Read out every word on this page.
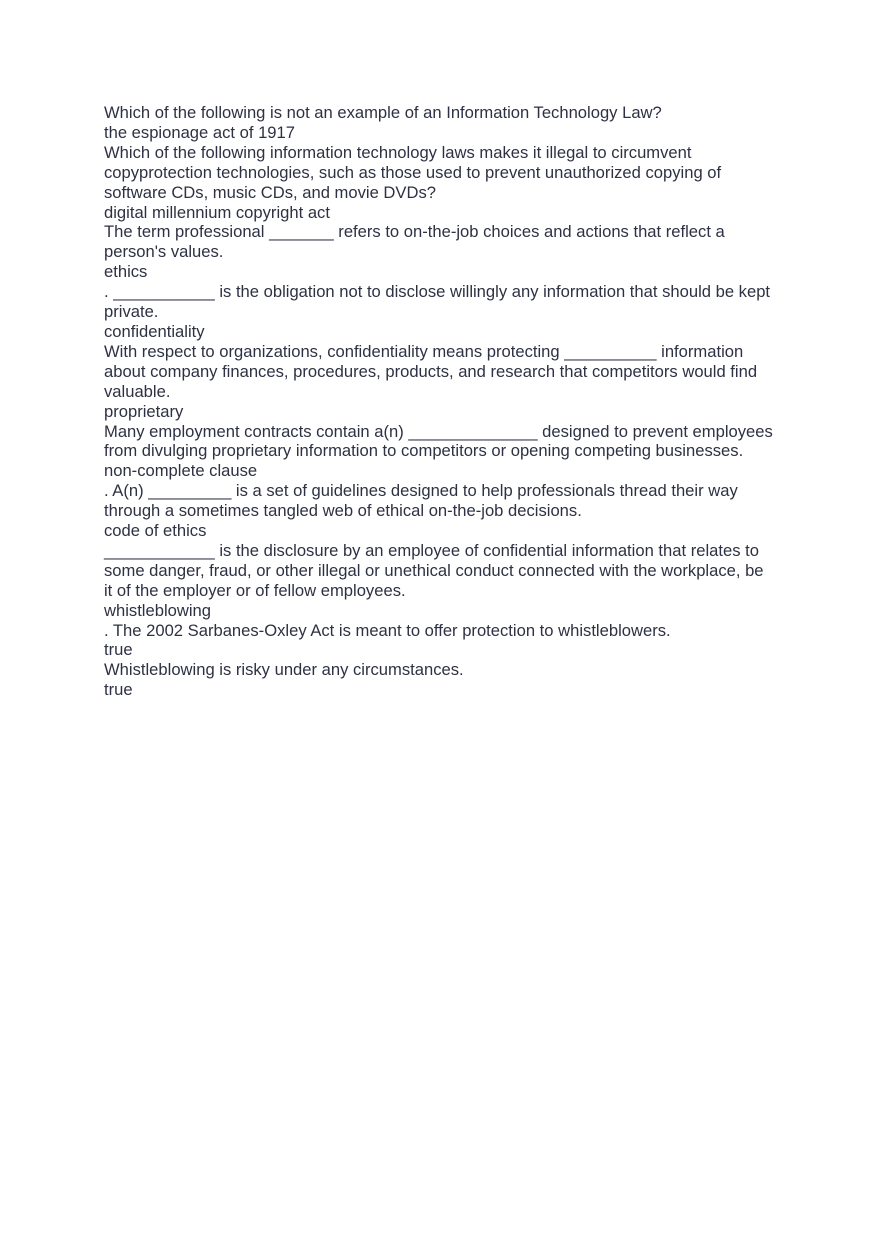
Which of the following is not an example of an Information Technology Law?

the espionage act of 1917

Which of the following information technology laws makes it illegal to circumvent copyprotection technologies, such as those used to prevent unauthorized copying of software CDs, music CDs, and movie DVDs?

digital millennium copyright act

The term professional _______ refers to on-the-job choices and actions that reflect a person's values.

ethics

. ___________ is the obligation not to disclose willingly any information that should be kept private.

confidentiality

With respect to organizations, confidentiality means protecting __________ information about company finances, procedures, products, and research that competitors would find valuable.

proprietary

Many employment contracts contain a(n) ______________ designed to prevent employees from divulging proprietary information to competitors or opening competing businesses.

non-complete clause

. A(n) _________ is a set of guidelines designed to help professionals thread their way through a sometimes tangled web of ethical on-the-job decisions.

code of ethics

____________ is the disclosure by an employee of confidential information that relates to some danger, fraud, or other illegal or unethical conduct connected with the workplace, be it of the employer or of fellow employees.

whistleblowing

. The 2002 Sarbanes-Oxley Act is meant to offer protection to whistleblowers.

true

Whistleblowing is risky under any circumstances.

true
